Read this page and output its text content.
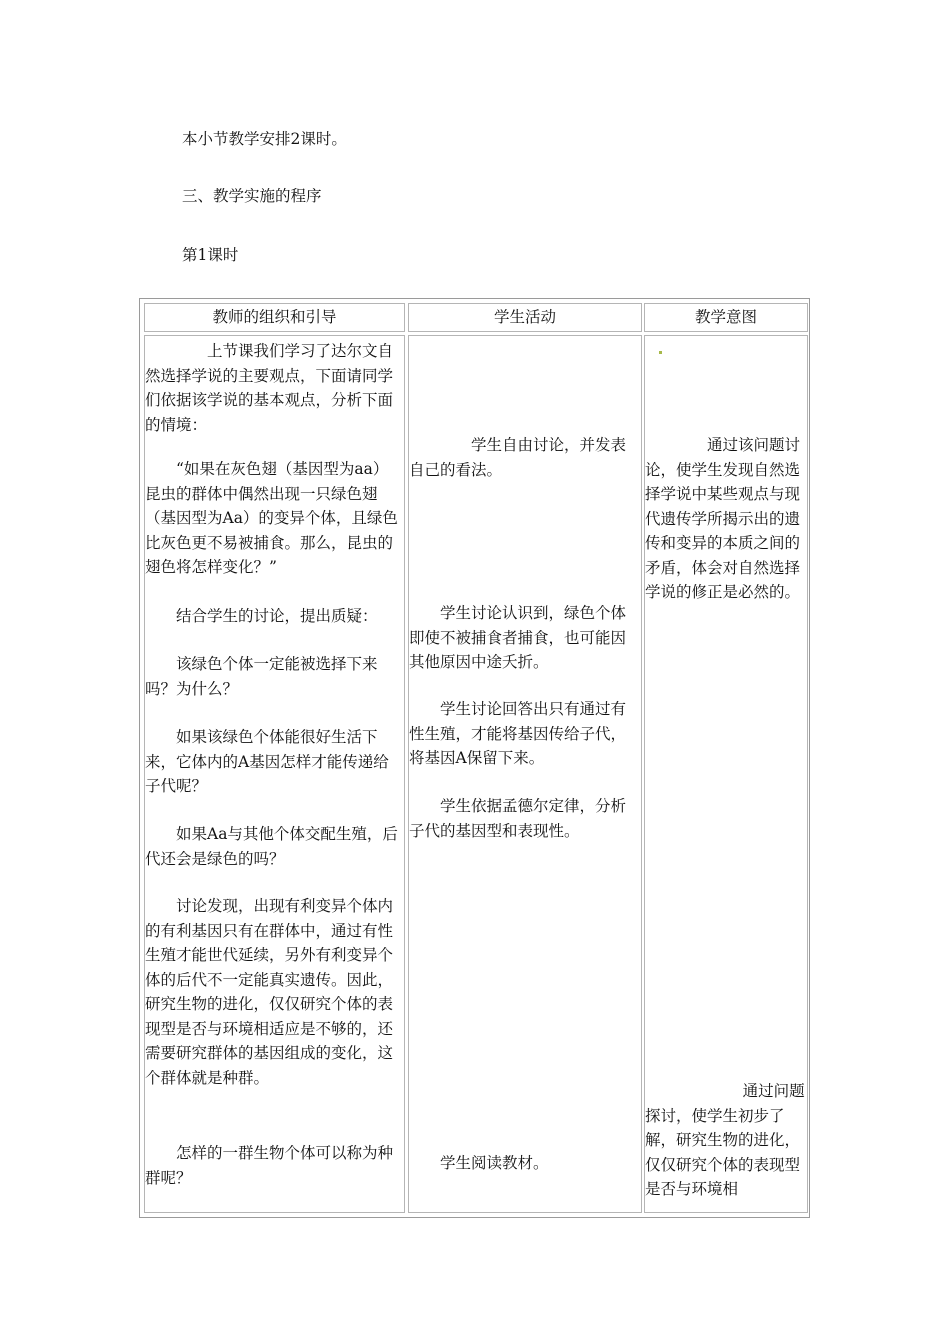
本小节教学安排2课时。
三、教学实施的程序
第1课时
教师的组织和引导	学生活动	教学意图

上节课我们学习了达尔文自然选择学说的主要观点，下面请同学们依据该学说的基本观点，分析下面的情境：

“如果在灰色翅（基因型为aa）昆虫的群体中偶然出现一只绿色翅（基因型为Aa）的变异个体，且绿色比灰色更不易被捕食。那么，昆虫的翅色将怎样变化？”

结合学生的讨论，提出质疑：

该绿色个体一定能被选择下来吗？为什么？

如果该绿色个体能很好生活下来，它体内的A基因怎样才能传递给子代呢？

如果Aa与其他个体交配生殖，后代还会是绿色的吗？

讨论发现，出现有利变异个体内的有利基因只有在群体中，通过有性生殖才能世代延续，另外有利变异个体的后代不一定能真实遗传。因此，研究生物的进化，仅仅研究个体的表现型是否与环境相适应是不够的，还需要研究群体的基因组成的变化，这个群体就是种群。

怎样的一群生物个体可以称为种群呢？

学生自由讨论，并发表自己的看法。

学生讨论认识到，绿色个体即使不被捕食者捕食，也可能因其他原因中途夭折。

学生讨论回答出只有通过有性生殖，才能将基因传给子代，将基因A保留下来。

学生依据孟德尔定律，分析子代的基因型和表现性。

学生阅读教材。

通过该问题讨论，使学生发现自然选择学说中某些观点与现代遗传学所揭示出的遗传和变异的本质之间的矛盾，体会对自然选择学说的修正是必然的。

通过问题探讨，使学生初步了解，研究生物的进化，仅仅研究个体的表现型是否与环境相
